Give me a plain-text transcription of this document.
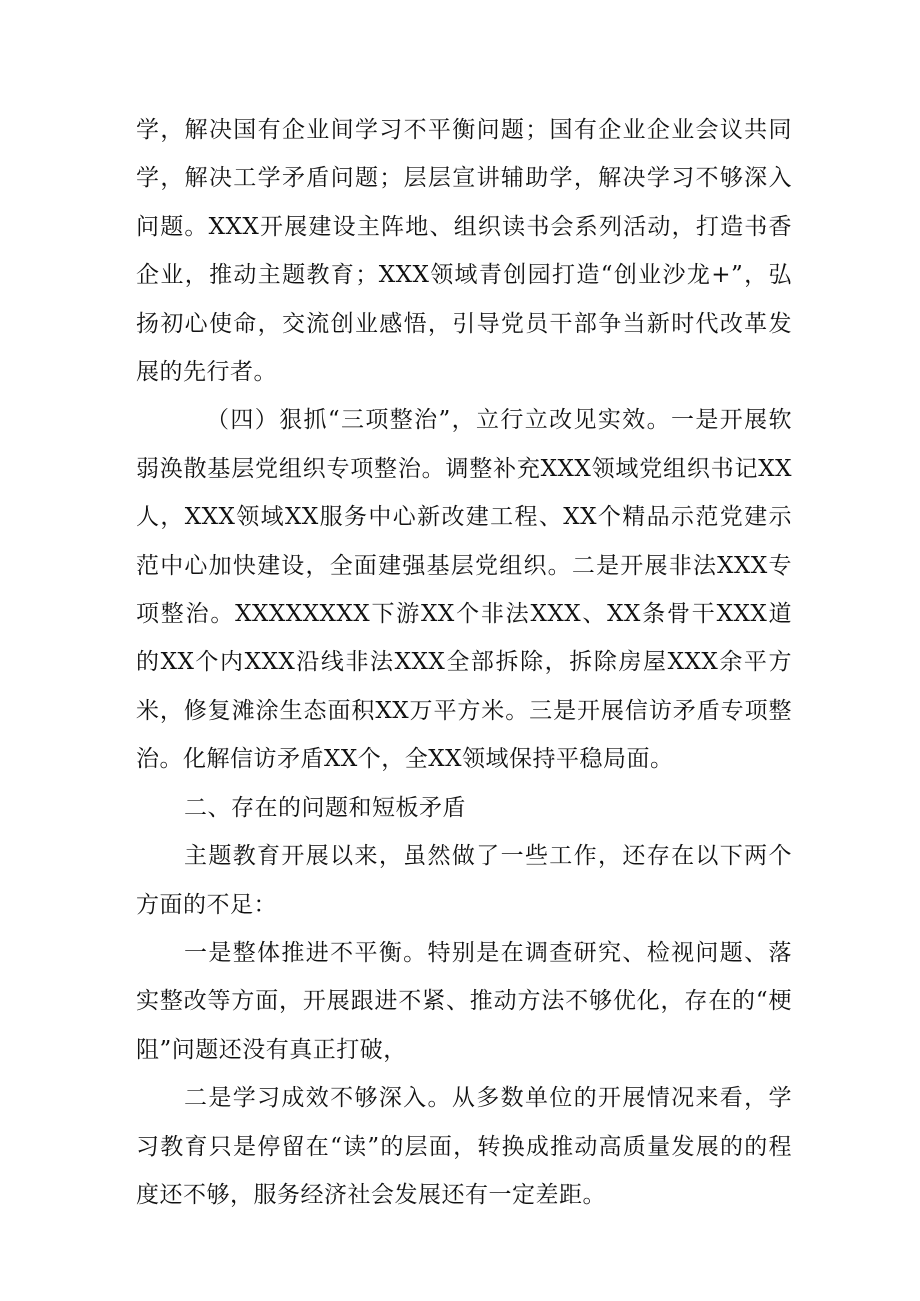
学，解决国有企业间学习不平衡问题；国有企业企业会议共同学，解决工学矛盾问题；层层宣讲辅助学，解决学习不够深入问题。XXX开展建设主阵地、组织读书会系列活动，打造书香企业，推动主题教育；XXX领域青创园打造“创业沙龙+”，弘扬初心使命，交流创业感悟，引导党员干部争当新时代改革发展的先行者。

（四）狠抓“三项整治”，立行立改见实效。一是开展软弱涣散基层党组织专项整治。调整补充XXX领域党组织书记XX人，XXX领域XX服务中心新改建工程、XX个精品示范党建示范中心加快建设，全面建强基层党组织。二是开展非法XXX专项整治。XXXXXXXX下游XX个非法XXX、XX条骨干XXX道的XX个内XXX沿线非法XXX全部拆除，拆除房屋XXX余平方米，修复滩涂生态面积XX万平方米。三是开展信访矛盾专项整治。化解信访矛盾XX个，全XX领域保持平稳局面。

二、存在的问题和短板矛盾

主题教育开展以来，虽然做了一些工作，还存在以下两个方面的不足：

一是整体推进不平衡。特别是在调查研究、检视问题、落实整改等方面，开展跟进不紧、推动方法不够优化，存在的“梗阻”问题还没有真正打破，

二是学习成效不够深入。从多数单位的开展情况来看，学习教育只是停留在“读”的层面，转换成推动高质量发展的的程度还不够，服务经济社会发展还有一定差距。
